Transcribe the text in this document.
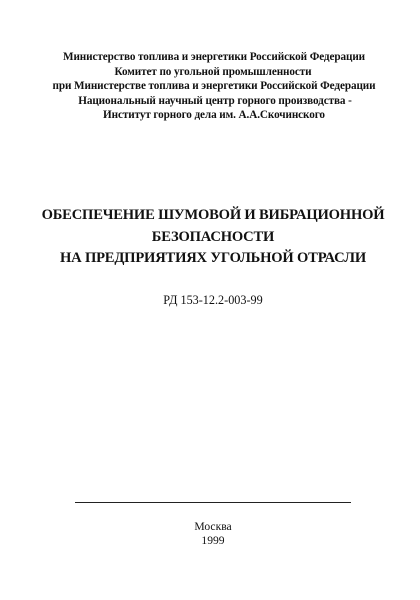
Министерство топлива и энергетики Российской Федерации
Комитет по угольной промышленности
при Министерстве топлива и энергетики Российской Федерации
Национальный научный центр горного производства -
Институт горного дела им. А.А.Скочинского
ОБЕСПЕЧЕНИЕ ШУМОВОЙ И ВИБРАЦИОННОЙ
БЕЗОПАСНОСТИ
НА ПРЕДПРИЯТИЯХ УГОЛЬНОЙ ОТРАСЛИ
РД 153-12.2-003-99
Москва
1999
